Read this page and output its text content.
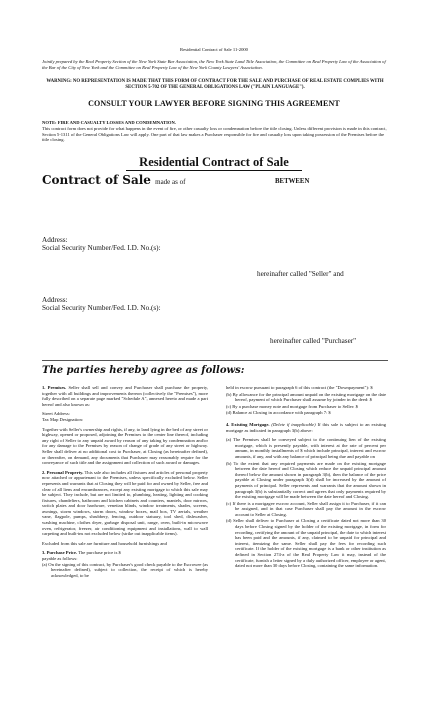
Residential Contract of Sale 11-2000
Jointly prepared by the Real Property Section of the New York State Bar Association, the New York State Land Title Association, the Committee on Real Property Law of the Association of the Bar of the City of New York and the Committee on Real Property Law of the New York County Lawyers' Association.
WARNING: NO REPRESENTATION IS MADE THAT THIS FORM OF CONTRACT FOR THE SALE AND PURCHASE OF REAL ESTATE COMPLIES WITH SECTION 5-702 OF THE GENERAL OBLIGATIONS LAW ("PLAIN LANGUAGE").
CONSULT YOUR LAWYER BEFORE SIGNING THIS AGREEMENT
NOTE: FIRE AND CASUALTY LOSSES AND CONDEMNATION.
This contract form does not provide for what happens in the event of fire, or other casualty loss or condemnation before the title closing. Unless different provision is made in this contract, Section 5-1311 of the General Obligations Law will apply. One part of that law makes a Purchaser responsible for fire and casualty loss upon taking possession of the Premises before the title closing.
Residential Contract of Sale
Contract of Sale made as of	BETWEEN
Address:
Social Security Number/Fed. I.D. No.(s):
hereinafter called "Seller" and
Address:
Social Security Number/Fed. I.D. No.(s):
hereinafter called "Purchaser"
The parties hereby agree as follows:

1. Premises. Seller shall sell and convey and Purchaser shall purchase the property, together with all buildings and improvements thereon (collectively the "Premises"), more fully described on a separate page marked "Schedule A", annexed hereto and made a part hereof and also known as:

Street Address:

Tax Map Designation:

Together with Seller's ownership and rights, if any, to land lying in the bed of any street or highway, opened or proposed, adjoining the Premises to the center line thereof, including any right of Seller to any unpaid award by reason of any taking by condemnation and/or for any damage to the Premises by reason of change of grade of any street or highway. Seller shall deliver at no additional cost to Purchaser, at Closing (as hereinafter defined), or thereafter, on demand, any documents that Purchaser may reasonably require for the conveyance of such title and the assignment and collection of such award or damages.

2. Personal Property. This sale also includes all fixtures and articles of personal property now attached or appurtenant to the Premises, unless specifically excluded below. Seller represents and warrants that at Closing they will be paid for and owned by Seller, free and clear of all liens and encumbrances, except any existing mortgage to which this sale may be subject. They include, but are not limited to, plumbing, heating, lighting and cooking fixtures, chandeliers, bathroom and kitchen cabinets and counters, mantels, door mirrors, switch plates and door hardware, venetian blinds, window treatments, shades, screens, awnings, storm windows, storm doors, window boxes, mail box, TV aerials, weather vane, flagpole, pumps, shrubbery, fencing, outdoor statuary, tool shed, dishwasher, washing machine, clothes dryer, garbage disposal unit, range, oven, built-in microwave oven, refrigerator, freezer, air conditioning equipment and installations, wall to wall carpeting and built-ins not excluded below (strike out inapplicable items).

Excluded from this sale are furniture and household furnishings and

3. Purchase Price. The purchase price is $

payable as follows:

(a) On the signing of this contract, by Purchaser's good check payable to the Escrowee (as hereinafter defined), subject to collection, the receipt of which is hereby acknowledged, to be

held in escrow pursuant to paragraph 6 of this contract (the "Downpayment"): $

(b) By allowance for the principal amount unpaid on the existing mortgage on the date hereof, payment of which Purchaser shall assume by joinder in the deed: $

(c) By a purchase money note and mortgage from Purchaser to Seller: $

(d) Balance at Closing in accordance with paragraph 7: $

4. Existing Mortgage. (Delete if inapplicable) If this sale is subject to an existing mortgage as indicated in paragraph 3(b) above:

(a) The Premises shall be conveyed subject to the continuing lien of the existing mortgage, which is presently payable, with interest at the rate of percent per annum, in monthly installments of $ which include principal, interest and escrow amounts, if any, and with any balance of principal being due and payable on

(b) To the extent that any required payments are made on the existing mortgage between the date hereof and Closing which reduce the unpaid principal amount thereof below the amount shown in paragraph 3(b), then the balance of the price payable at Closing under paragraph 3(d) shall be increased by the amount of payments of principal. Seller represents and warrants that the amount shown in paragraph 3(b) is substantially correct and agrees that only payments required by the existing mortgage will be made between the date hereof and Closing.

(c) If there is a mortgagee escrow account, Seller shall assign it to Purchaser, if it can be assigned, and in that case Purchaser shall pay the amount in the escrow account to Seller at Closing.

(d) Seller shall deliver to Purchaser at Closing a certificate dated not more than 30 days before Closing signed by the holder of the existing mortgage, in form for recording, certifying the amount of the unpaid principal, the date to which interest has been paid and the amounts, if any, claimed to be unpaid for principal and interest, itemizing the same. Seller shall pay the fees for recording such certificate. If the holder of the existing mortgage is a bank or other institution as defined in Section 274-a of the Real Property Law it may, instead of the certificate, furnish a letter signed by a duly authorized officer, employee or agent, dated not more than 30 days before Closing, containing the same information.
